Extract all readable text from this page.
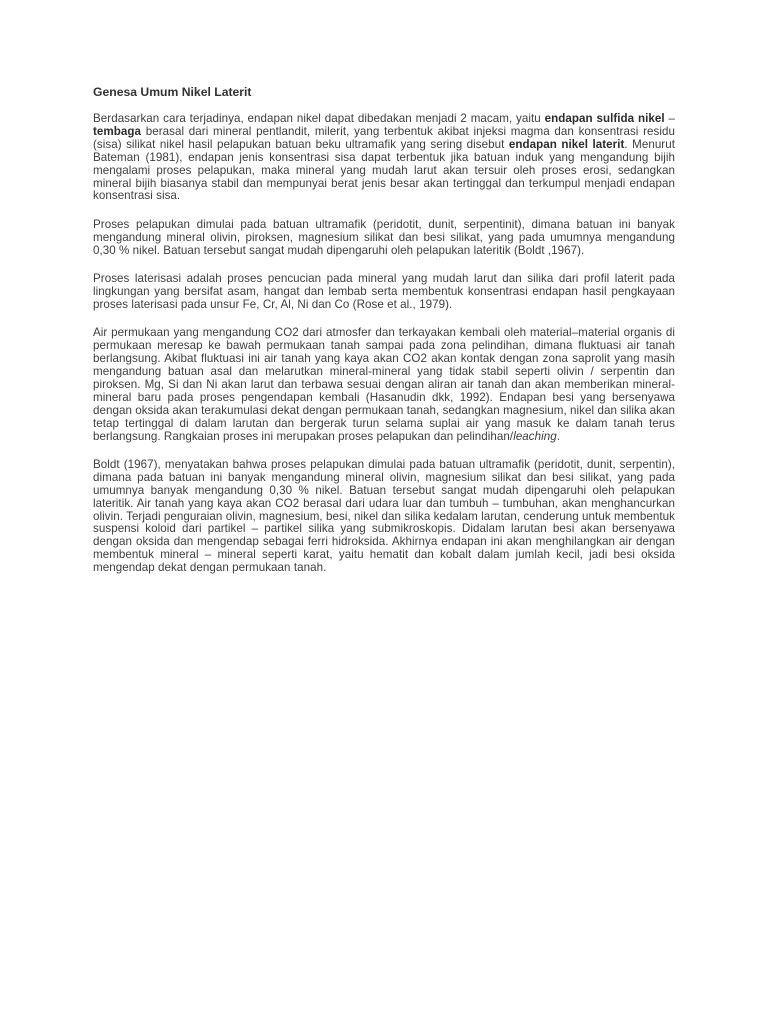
Genesa Umum Nikel Laterit

Berdasarkan cara terjadinya, endapan nikel dapat dibedakan menjadi 2 macam, yaitu endapan sulfida nikel – tembaga berasal dari mineral pentlandit, milerit, yang terbentuk akibat injeksi magma dan konsentrasi residu (sisa) silikat nikel hasil pelapukan batuan beku ultramafik yang sering disebut endapan nikel laterit. Menurut Bateman (1981), endapan jenis konsentrasi sisa dapat terbentuk jika batuan induk yang mengandung bijih mengalami proses pelapukan, maka mineral yang mudah larut akan tersuir oleh proses erosi, sedangkan mineral bijih biasanya stabil dan mempunyai berat jenis besar akan tertinggal dan terkumpul menjadi endapan konsentrasi sisa.

Proses pelapukan dimulai pada batuan ultramafik (peridotit, dunit, serpentinit), dimana batuan ini banyak mengandung mineral olivin, piroksen, magnesium silikat dan besi silikat, yang pada umumnya mengandung 0,30 % nikel. Batuan tersebut sangat mudah dipengaruhi oleh pelapukan lateritik (Boldt ,1967).

Proses laterisasi adalah proses pencucian pada mineral yang mudah larut dan silika dari profil laterit pada lingkungan yang bersifat asam, hangat dan lembab serta membentuk konsentrasi endapan hasil pengkayaan proses laterisasi pada unsur Fe, Cr, Al, Ni dan Co (Rose et al., 1979).

Air permukaan yang mengandung CO2 dari atmosfer dan terkayakan kembali oleh material–material organis di permukaan meresap ke bawah permukaan tanah sampai pada zona pelindihan, dimana fluktuasi air tanah berlangsung. Akibat fluktuasi ini air tanah yang kaya akan CO2 akan kontak dengan zona saprolit yang masih mengandung batuan asal dan melarutkan mineral-mineral yang tidak stabil seperti olivin / serpentin dan piroksen. Mg, Si dan Ni akan larut dan terbawa sesuai dengan aliran air tanah dan akan memberikan mineral-mineral baru pada proses pengendapan kembali (Hasanudin dkk, 1992). Endapan besi yang bersenyawa dengan oksida akan terakumulasi dekat dengan permukaan tanah, sedangkan magnesium, nikel dan silika akan tetap tertinggal di dalam larutan dan bergerak turun selama suplai air yang masuk ke dalam tanah terus berlangsung. Rangkaian proses ini merupakan proses pelapukan dan pelindihan/leaching.

Boldt (1967), menyatakan bahwa proses pelapukan dimulai pada batuan ultramafik (peridotit, dunit, serpentin), dimana pada batuan ini banyak mengandung mineral olivin, magnesium silikat dan besi silikat, yang pada umumnya banyak mengandung 0,30 % nikel. Batuan tersebut sangat mudah dipengaruhi oleh pelapukan lateritik. Air tanah yang kaya akan CO2 berasal dari udara luar dan tumbuh – tumbuhan, akan menghancurkan olivin. Terjadi penguraian olivin, magnesium, besi, nikel dan silika kedalam larutan, cenderung untuk membentuk suspensi koloid dari partikel – partikel silika yang submikroskopis. Didalam larutan besi akan bersenyawa dengan oksida dan mengendap sebagai ferri hidroksida. Akhirnya endapan ini akan menghilangkan air dengan membentuk mineral – mineral seperti karat, yaitu hematit dan kobalt dalam jumlah kecil, jadi besi oksida mengendap dekat dengan permukaan tanah.
